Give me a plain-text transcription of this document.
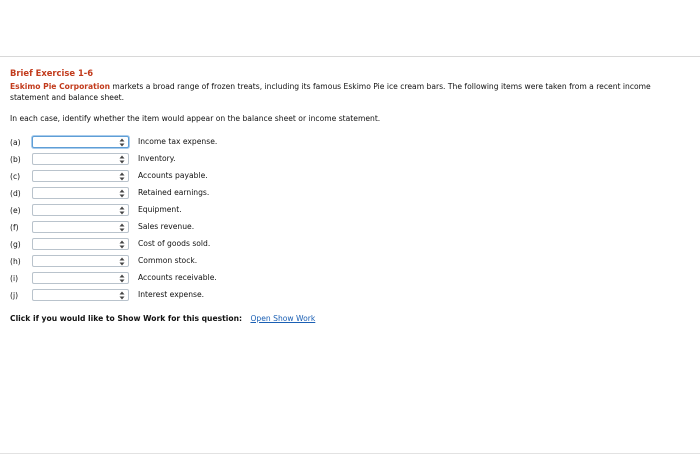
Brief Exercise 1-6
Eskimo Pie Corporation markets a broad range of frozen treats, including its famous Eskimo Pie ice cream bars. The following items were taken from a recent income statement and balance sheet.
In each case, identify whether the item would appear on the balance sheet or income statement.
(a)	Income tax expense.
(b)	Inventory.
(c)	Accounts payable.
(d)	Retained earnings.
(e)	Equipment.
(f)	Sales revenue.
(g)	Cost of goods sold.
(h)	Common stock.
(i)	Accounts receivable.
(j)	Interest expense.
Click if you would like to Show Work for this question: Open Show Work
